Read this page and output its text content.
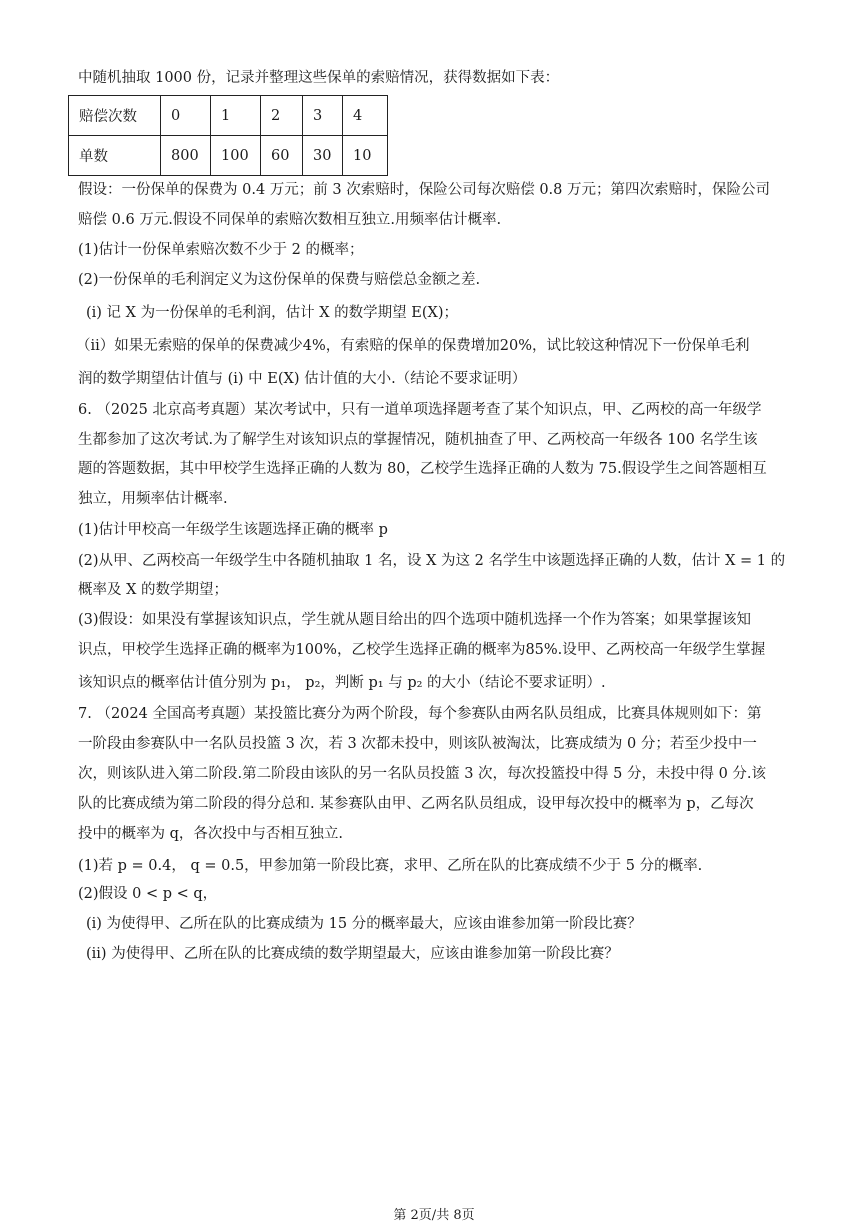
中随机抽取 1000 份，记录并整理这些保单的索赔情况，获得数据如下表：
赔偿次数	0	1	2	3	4
单数	800	100	60	30	10
假设：一份保单的保费为 0.4 万元；前 3 次索赔时，保险公司每次赔偿 0.8 万元；第四次索赔时，保险公司
赔偿 0.6 万元.假设不同保单的索赔次数相互独立.用频率估计概率.
(1)估计一份保单索赔次数不少于 2 的概率；
(2)一份保单的毛利润定义为这份保单的保费与赔偿总金额之差.
(i) 记 X 为一份保单的毛利润，估计 X 的数学期望 E(X)；
（ii）如果无索赔的保单的保费减少4%，有索赔的保单的保费增加20%，试比较这种情况下一份保单毛利
润的数学期望估计值与 (i) 中 E(X) 估计值的大小.（结论不要求证明）
6. （2025 北京高考真题）某次考试中，只有一道单项选择题考查了某个知识点，甲、乙两校的高一年级学
生都参加了这次考试.为了解学生对该知识点的掌握情况，随机抽查了甲、乙两校高一年级各 100 名学生该
题的答题数据，其中甲校学生选择正确的人数为 80，乙校学生选择正确的人数为 75.假设学生之间答题相互
独立，用频率估计概率.
(1)估计甲校高一年级学生该题选择正确的概率 p
(2)从甲、乙两校高一年级学生中各随机抽取 1 名，设 X 为这 2 名学生中该题选择正确的人数，估计 X = 1 的
概率及 X 的数学期望；
(3)假设：如果没有掌握该知识点，学生就从题目给出的四个选项中随机选择一个作为答案；如果掌握该知
识点，甲校学生选择正确的概率为100%，乙校学生选择正确的概率为85%.设甲、乙两校高一年级学生掌握
该知识点的概率估计值分别为 p₁， p₂，判断 p₁ 与 p₂ 的大小（结论不要求证明）.
7. （2024 全国高考真题）某投篮比赛分为两个阶段，每个参赛队由两名队员组成，比赛具体规则如下：第
一阶段由参赛队中一名队员投篮 3 次，若 3 次都未投中，则该队被淘汰，比赛成绩为 0 分；若至少投中一
次，则该队进入第二阶段.第二阶段由该队的另一名队员投篮 3 次，每次投篮投中得 5 分，未投中得 0 分.该
队的比赛成绩为第二阶段的得分总和. 某参赛队由甲、乙两名队员组成，设甲每次投中的概率为 p，乙每次
投中的概率为 q，各次投中与否相互独立.
(1)若 p = 0.4， q = 0.5，甲参加第一阶段比赛，求甲、乙所在队的比赛成绩不少于 5 分的概率.
(2)假设 0 < p < q，
(i) 为使得甲、乙所在队的比赛成绩为 15 分的概率最大，应该由谁参加第一阶段比赛？
(ii) 为使得甲、乙所在队的比赛成绩的数学期望最大，应该由谁参加第一阶段比赛？
第 2页/共 8页
